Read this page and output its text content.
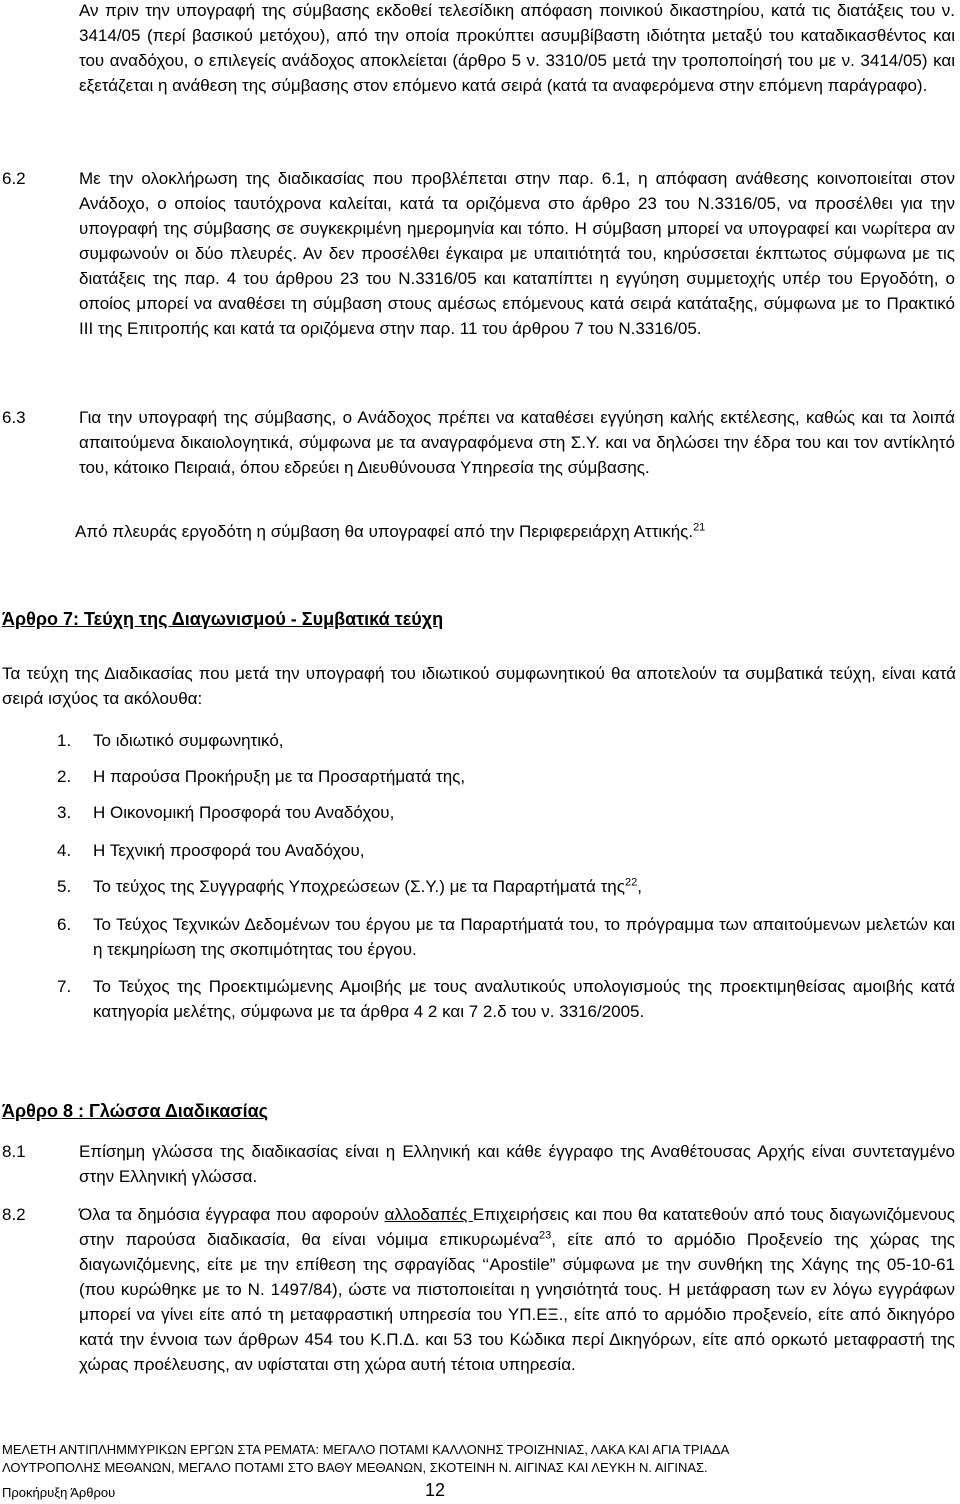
Αν πριν την υπογραφή της σύμβασης εκδοθεί τελεσίδικη απόφαση ποινικού δικαστηρίου, κατά τις διατάξεις του ν. 3414/05 (περί βασικού μετόχου), από την οποία προκύπτει ασυμβίβαστη ιδιότητα μεταξύ του καταδικασθέντος και του αναδόχου, ο επιλεγείς ανάδοχος αποκλείεται (άρθρο 5 ν. 3310/05 μετά την τροποποίησή του με ν. 3414/05) και εξετάζεται η ανάθεση της σύμβασης στον επόμενο κατά σειρά (κατά τα αναφερόμενα στην επόμενη παράγραφο).
6.2	Με την ολοκλήρωση της διαδικασίας που προβλέπεται στην παρ. 6.1, η απόφαση ανάθεσης κοινοποιείται στον Ανάδοχο, ο οποίος ταυτόχρονα καλείται, κατά τα οριζόμενα στο άρθρο 23 του Ν.3316/05, να προσέλθει για την υπογραφή της σύμβασης σε συγκεκριμένη ημερομηνία και τόπο. Η σύμβαση μπορεί να υπογραφεί και νωρίτερα αν συμφωνούν οι δύο πλευρές. Αν δεν προσέλθει έγκαιρα με υπαιτιότητά του, κηρύσσεται έκπτωτος σύμφωνα με τις διατάξεις της παρ. 4 του άρθρου 23 του Ν.3316/05 και καταπίπτει η εγγύηση συμμετοχής υπέρ του Εργοδότη, ο οποίος μπορεί να αναθέσει τη σύμβαση στους αμέσως επόμενους κατά σειρά κατάταξης, σύμφωνα με το Πρακτικό ΙΙΙ της Επιτροπής και κατά τα οριζόμενα στην παρ. 11 του άρθρου 7 του Ν.3316/05.
6.3	Για την υπογραφή της σύμβασης, ο Ανάδοχος πρέπει να καταθέσει εγγύηση καλής εκτέλεσης, καθώς και τα λοιπά απαιτούμενα δικαιολογητικά, σύμφωνα με τα αναγραφόμενα στη Σ.Υ. και να δηλώσει την έδρα του και τον αντίκλητό του, κάτοικο Πειραιά, όπου εδρεύει η Διευθύνουσα Υπηρεσία της σύμβασης.
Από πλευράς εργοδότη η σύμβαση θα υπογραφεί από την Περιφερειάρχη Αττικής.$^{21}$
Άρθρο 7: Τεύχη της Διαγωνισμού - Συμβατικά τεύχη
Τα τεύχη της Διαδικασίας που μετά την υπογραφή του ιδιωτικού συμφωνητικού θα αποτελούν τα συμβατικά τεύχη, είναι κατά σειρά ισχύος τα ακόλουθα:
1. Το ιδιωτικό συμφωνητικό,
2. Η παρούσα Προκήρυξη με τα Προσαρτήματά της,
3. Η Οικονομική Προσφορά του Αναδόχου,
4. Η Τεχνική προσφορά του Αναδόχου,
5. Το τεύχος της Συγγραφής Υποχρεώσεων (Σ.Υ.) με τα Παραρτήματά της$^{22}$,
6. Το Τεύχος Τεχνικών Δεδομένων του έργου με τα Παραρτήματά του, το πρόγραμμα των απαιτούμενων μελετών και η τεκμηρίωση της σκοπιμότητας του έργου.
7. Το Τεύχος της Προεκτιμώμενης Αμοιβής με τους αναλυτικούς υπολογισμούς της προεκτιμηθείσας αμοιβής κατά κατηγορία μελέτης, σύμφωνα με τα άρθρα 4 2 και 7 2.δ του ν. 3316/2005.
Άρθρο 8 : Γλώσσα Διαδικασίας
8.1	Επίσημη γλώσσα της διαδικασίας είναι η Ελληνική και κάθε έγγραφο της Αναθέτουσας Αρχής είναι συντεταγμένο στην Ελληνική γλώσσα.
8.2	Όλα τα δημόσια έγγραφα που αφορούν αλλοδαπές Επιχειρήσεις και που θα κατατεθούν από τους διαγωνιζόμενους στην παρούσα διαδικασία, θα είναι νόμιμα επικυρωμένα$^{23}$, είτε από το αρμόδιο Προξενείο της χώρας της διαγωνιζόμενης, είτε με την επίθεση της σφραγίδας ‘‘Apostile” σύμφωνα με την συνθήκη της Χάγης της 05-10-61 (που κυρώθηκε με το Ν. 1497/84), ώστε να πιστοποιείται η γνησιότητά τους. Η μετάφραση των εν λόγω εγγράφων μπορεί να γίνει είτε από τη μεταφραστική υπηρεσία του ΥΠ.ΕΞ., είτε από το αρμόδιο προξενείο, είτε από δικηγόρο κατά την έννοια των άρθρων 454 του Κ.Π.Δ. και 53 του Κώδικα περί Δικηγόρων, είτε από ορκωτό μεταφραστή της χώρας προέλευσης, αν υφίσταται στη χώρα αυτή τέτοια υπηρεσία.
ΜΕΛΕΤΗ ΑΝΤΙΠΛΗΜΜΥΡΙΚΩΝ ΕΡΓΩΝ ΣΤΑ ΡΕΜΑΤΑ: ΜΕΓΑΛΟ ΠΟΤΑΜΙ ΚΑΛΛΟΝΗΣ ΤΡΟΙΖΗΝΙΑΣ, ΛΑΚΑ ΚΑΙ ΑΓΙΑ ΤΡΙΑΔΑ
ΛΟΥΤΡΟΠΟΛΗΣ ΜΕΘΑΝΩΝ, ΜΕΓΑΛΟ ΠΟΤΑΜΙ ΣΤΟ ΒΑΘΥ ΜΕΘΑΝΩΝ, ΣΚΟΤΕΙΝΗ Ν. ΑΙΓΙΝΑΣ ΚΑΙ ΛΕΥΚΗ Ν. ΑΙΓΙΝΑΣ.
Προκήρυξη Άρθρου	12
